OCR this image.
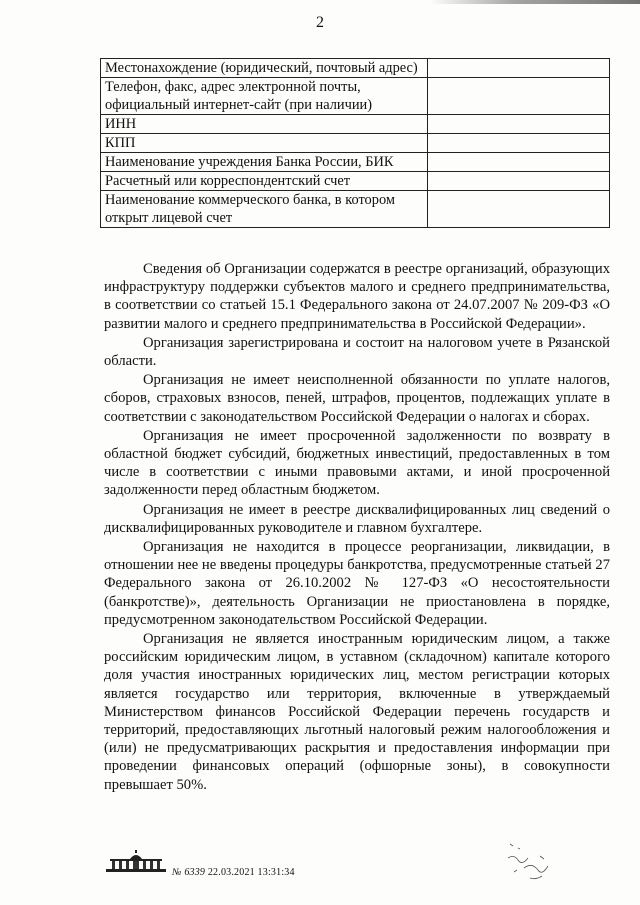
2
Местонахождение (юридический, почтовый адрес)	
Телефон, факс, адрес электронной почты, официальный интернет-сайт (при наличии)	
ИНН	
КПП	
Наименование учреждения Банка России, БИК	
Расчетный или корреспондентский счет	
Наименование коммерческого банка, в котором открыт лицевой счет	

Сведения об Организации содержатся в реестре организаций, образующих инфраструктуру поддержки субъектов малого и среднего предпринимательства, в соответствии со статьей 15.1 Федерального закона от 24.07.2007 № 209-ФЗ «О развитии малого и среднего предпринимательства в Российской Федерации».

Организация зарегистрирована и состоит на налоговом учете в Рязанской области.

Организация не имеет неисполненной обязанности по уплате налогов, сборов, страховых взносов, пеней, штрафов, процентов, подлежащих уплате в соответствии с законодательством Российской Федерации о налогах и сборах.

Организация не имеет просроченной задолженности по возврату в областной бюджет субсидий, бюджетных инвестиций, предоставленных в том числе в соответствии с иными правовыми актами, и иной просроченной задолженности перед областным бюджетом.

Организация не имеет в реестре дисквалифицированных лиц сведений о дисквалифицированных руководителе и главном бухгалтере.

Организация не находится в процессе реорганизации, ликвидации, в отношении нее не введены процедуры банкротства, предусмотренные статьей 27 Федерального закона от 26.10.2002 № 127-ФЗ «О несостоятельности (банкротстве)», деятельность Организации не приостановлена в порядке, предусмотренном законодательством Российской Федерации.

Организация не является иностранным юридическим лицом, а также российским юридическим лицом, в уставном (складочном) капитале которого доля участия иностранных юридических лиц, местом регистрации которых является государство или территория, включенные в утверждаемый Министерством финансов Российской Федерации перечень государств и территорий, предоставляющих льготный налоговый режим налогообложения и (или) не предусматривающих раскрытия и предоставления информации при проведении финансовых операций (офшорные зоны), в совокупности превышает 50%.

№ 6339 22.03.2021 13:31:34
